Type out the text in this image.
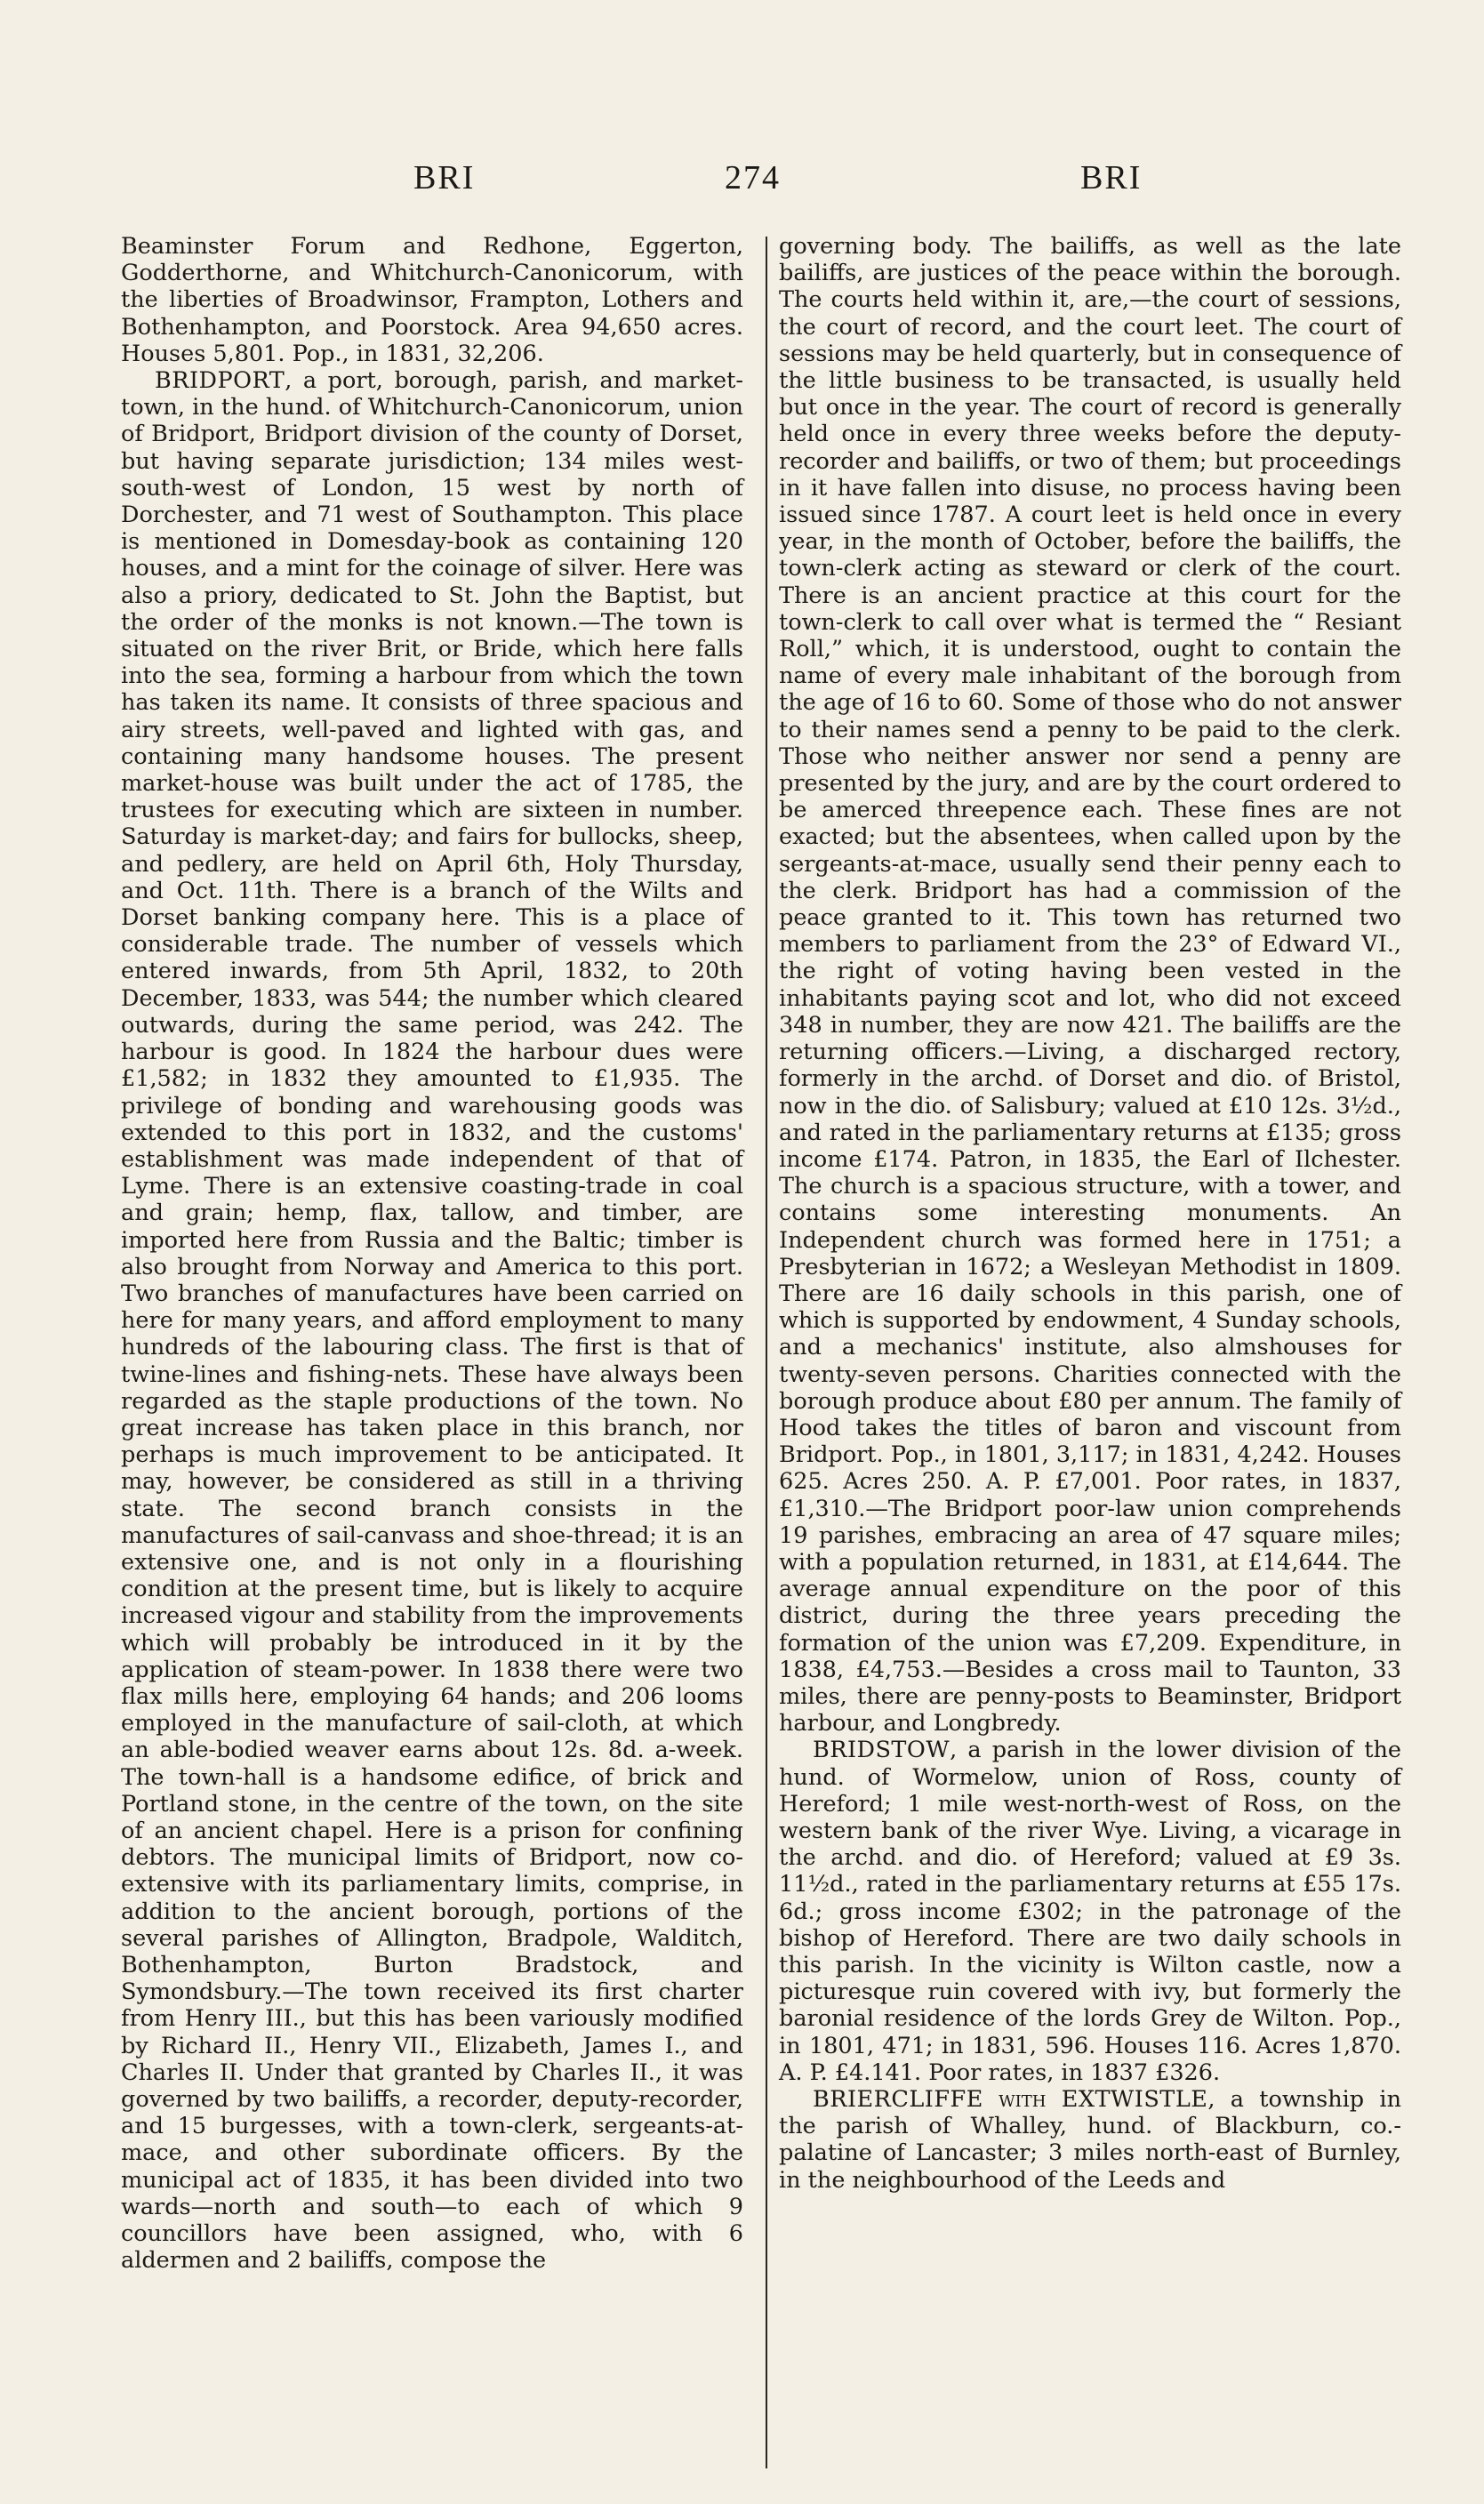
BRI	274	BRI

Beaminster Forum and Redhone, Eggerton, Godderthorne, and Whitchurch-Canonicorum, with the liberties of Broadwinsor, Frampton, Lothers and Bothenhampton, and Poorstock. Area 94,650 acres. Houses 5,801. Pop., in 1831, 32,206.

BRIDPORT, a port, borough, parish, and market-town, in the hund. of Whitchurch-Canonicorum, union of Bridport, Bridport division of the county of Dorset, but having separate jurisdiction; 134 miles west-south-west of London, 15 west by north of Dorchester, and 71 west of Southampton. This place is mentioned in Domesday-book as containing 120 houses, and a mint for the coinage of silver. Here was also a priory, dedicated to St. John the Baptist, but the order of the monks is not known.—The town is situated on the river Brit, or Bride, which here falls into the sea, forming a harbour from which the town has taken its name. It consists of three spacious and airy streets, well-paved and lighted with gas, and containing many handsome houses. The present market-house was built under the act of 1785, the trustees for executing which are sixteen in number. Saturday is market-day; and fairs for bullocks, sheep, and pedlery, are held on April 6th, Holy Thursday, and Oct. 11th. There is a branch of the Wilts and Dorset banking company here. This is a place of considerable trade. The number of vessels which entered inwards, from 5th April, 1832, to 20th December, 1833, was 544; the number which cleared outwards, during the same period, was 242. The harbour is good. In 1824 the harbour dues were £1,582; in 1832 they amounted to £1,935. The privilege of bonding and warehousing goods was extended to this port in 1832, and the customs' establishment was made independent of that of Lyme. There is an extensive coasting-trade in coal and grain; hemp, flax, tallow, and timber, are imported here from Russia and the Baltic; timber is also brought from Norway and America to this port. Two branches of manufactures have been carried on here for many years, and afford employment to many hundreds of the labouring class. The first is that of twine-lines and fishing-nets. These have always been regarded as the staple productions of the town. No great increase has taken place in this branch, nor perhaps is much improvement to be anticipated. It may, however, be considered as still in a thriving state. The second branch consists in the manufactures of sail-canvass and shoe-thread; it is an extensive one, and is not only in a flourishing condition at the present time, but is likely to acquire increased vigour and stability from the improvements which will probably be introduced in it by the application of steam-power. In 1838 there were two flax mills here, employing 64 hands; and 206 looms employed in the manufacture of sail-cloth, at which an able-bodied weaver earns about 12s. 8d. a-week. The town-hall is a handsome edifice, of brick and Portland stone, in the centre of the town, on the site of an ancient chapel. Here is a prison for confining debtors. The municipal limits of Bridport, now co-extensive with its parliamentary limits, comprise, in addition to the ancient borough, portions of the several parishes of Allington, Bradpole, Walditch, Bothenhampton, Burton Bradstock, and Symondsbury.—The town received its first charter from Henry III., but this has been variously modified by Richard II., Henry VII., Elizabeth, James I., and Charles II. Under that granted by Charles II., it was governed by two bailiffs, a recorder, deputy-recorder, and 15 burgesses, with a town-clerk, sergeants-at-mace, and other subordinate officers. By the municipal act of 1835, it has been divided into two wards—north and south—to each of which 9 councillors have been assigned, who, with 6 aldermen and 2 bailiffs, compose the

governing body. The bailiffs, as well as the late bailiffs, are justices of the peace within the borough. The courts held within it, are,—the court of sessions, the court of record, and the court leet. The court of sessions may be held quarterly, but in consequence of the little business to be transacted, is usually held but once in the year. The court of record is generally held once in every three weeks before the deputy-recorder and bailiffs, or two of them; but proceedings in it have fallen into disuse, no process having been issued since 1787. A court leet is held once in every year, in the month of October, before the bailiffs, the town-clerk acting as steward or clerk of the court. There is an ancient practice at this court for the town-clerk to call over what is termed the “ Resiant Roll,” which, it is understood, ought to contain the name of every male inhabitant of the borough from the age of 16 to 60. Some of those who do not answer to their names send a penny to be paid to the clerk. Those who neither answer nor send a penny are presented by the jury, and are by the court ordered to be amerced threepence each. These fines are not exacted; but the absentees, when called upon by the sergeants-at-mace, usually send their penny each to the clerk. Bridport has had a commission of the peace granted to it. This town has returned two members to parliament from the 23° of Edward VI., the right of voting having been vested in the inhabitants paying scot and lot, who did not exceed 348 in number, they are now 421. The bailiffs are the returning officers.—Living, a discharged rectory, formerly in the archd. of Dorset and dio. of Bristol, now in the dio. of Salisbury; valued at £10 12s. 3½d., and rated in the parliamentary returns at £135; gross income £174. Patron, in 1835, the Earl of Ilchester. The church is a spacious structure, with a tower, and contains some interesting monuments. An Independent church was formed here in 1751; a Presbyterian in 1672; a Wesleyan Methodist in 1809. There are 16 daily schools in this parish, one of which is supported by endowment, 4 Sunday schools, and a mechanics' institute, also almshouses for twenty-seven persons. Charities connected with the borough produce about £80 per annum. The family of Hood takes the titles of baron and viscount from Bridport. Pop., in 1801, 3,117; in 1831, 4,242. Houses 625. Acres 250. A. P. £7,001. Poor rates, in 1837, £1,310.—The Bridport poor-law union comprehends 19 parishes, embracing an area of 47 square miles; with a population returned, in 1831, at £14,644. The average annual expenditure on the poor of this district, during the three years preceding the formation of the union was £7,209. Expenditure, in 1838, £4,753.—Besides a cross mail to Taunton, 33 miles, there are penny-posts to Beaminster, Bridport harbour, and Longbredy.

BRIDSTOW, a parish in the lower division of the hund. of Wormelow, union of Ross, county of Hereford; 1 mile west-north-west of Ross, on the western bank of the river Wye. Living, a vicarage in the archd. and dio. of Hereford; valued at £9 3s. 11½d., rated in the parliamentary returns at £55 17s. 6d.; gross income £302; in the patronage of the bishop of Hereford. There are two daily schools in this parish. In the vicinity is Wilton castle, now a picturesque ruin covered with ivy, but formerly the baronial residence of the lords Grey de Wilton. Pop., in 1801, 471; in 1831, 596. Houses 116. Acres 1,870. A. P. £4.141. Poor rates, in 1837 £326.

BRIERCLIFFE with EXTWISTLE, a township in the parish of Whalley, hund. of Blackburn, co.-palatine of Lancaster; 3 miles north-east of Burnley, in the neighbourhood of the Leeds and
